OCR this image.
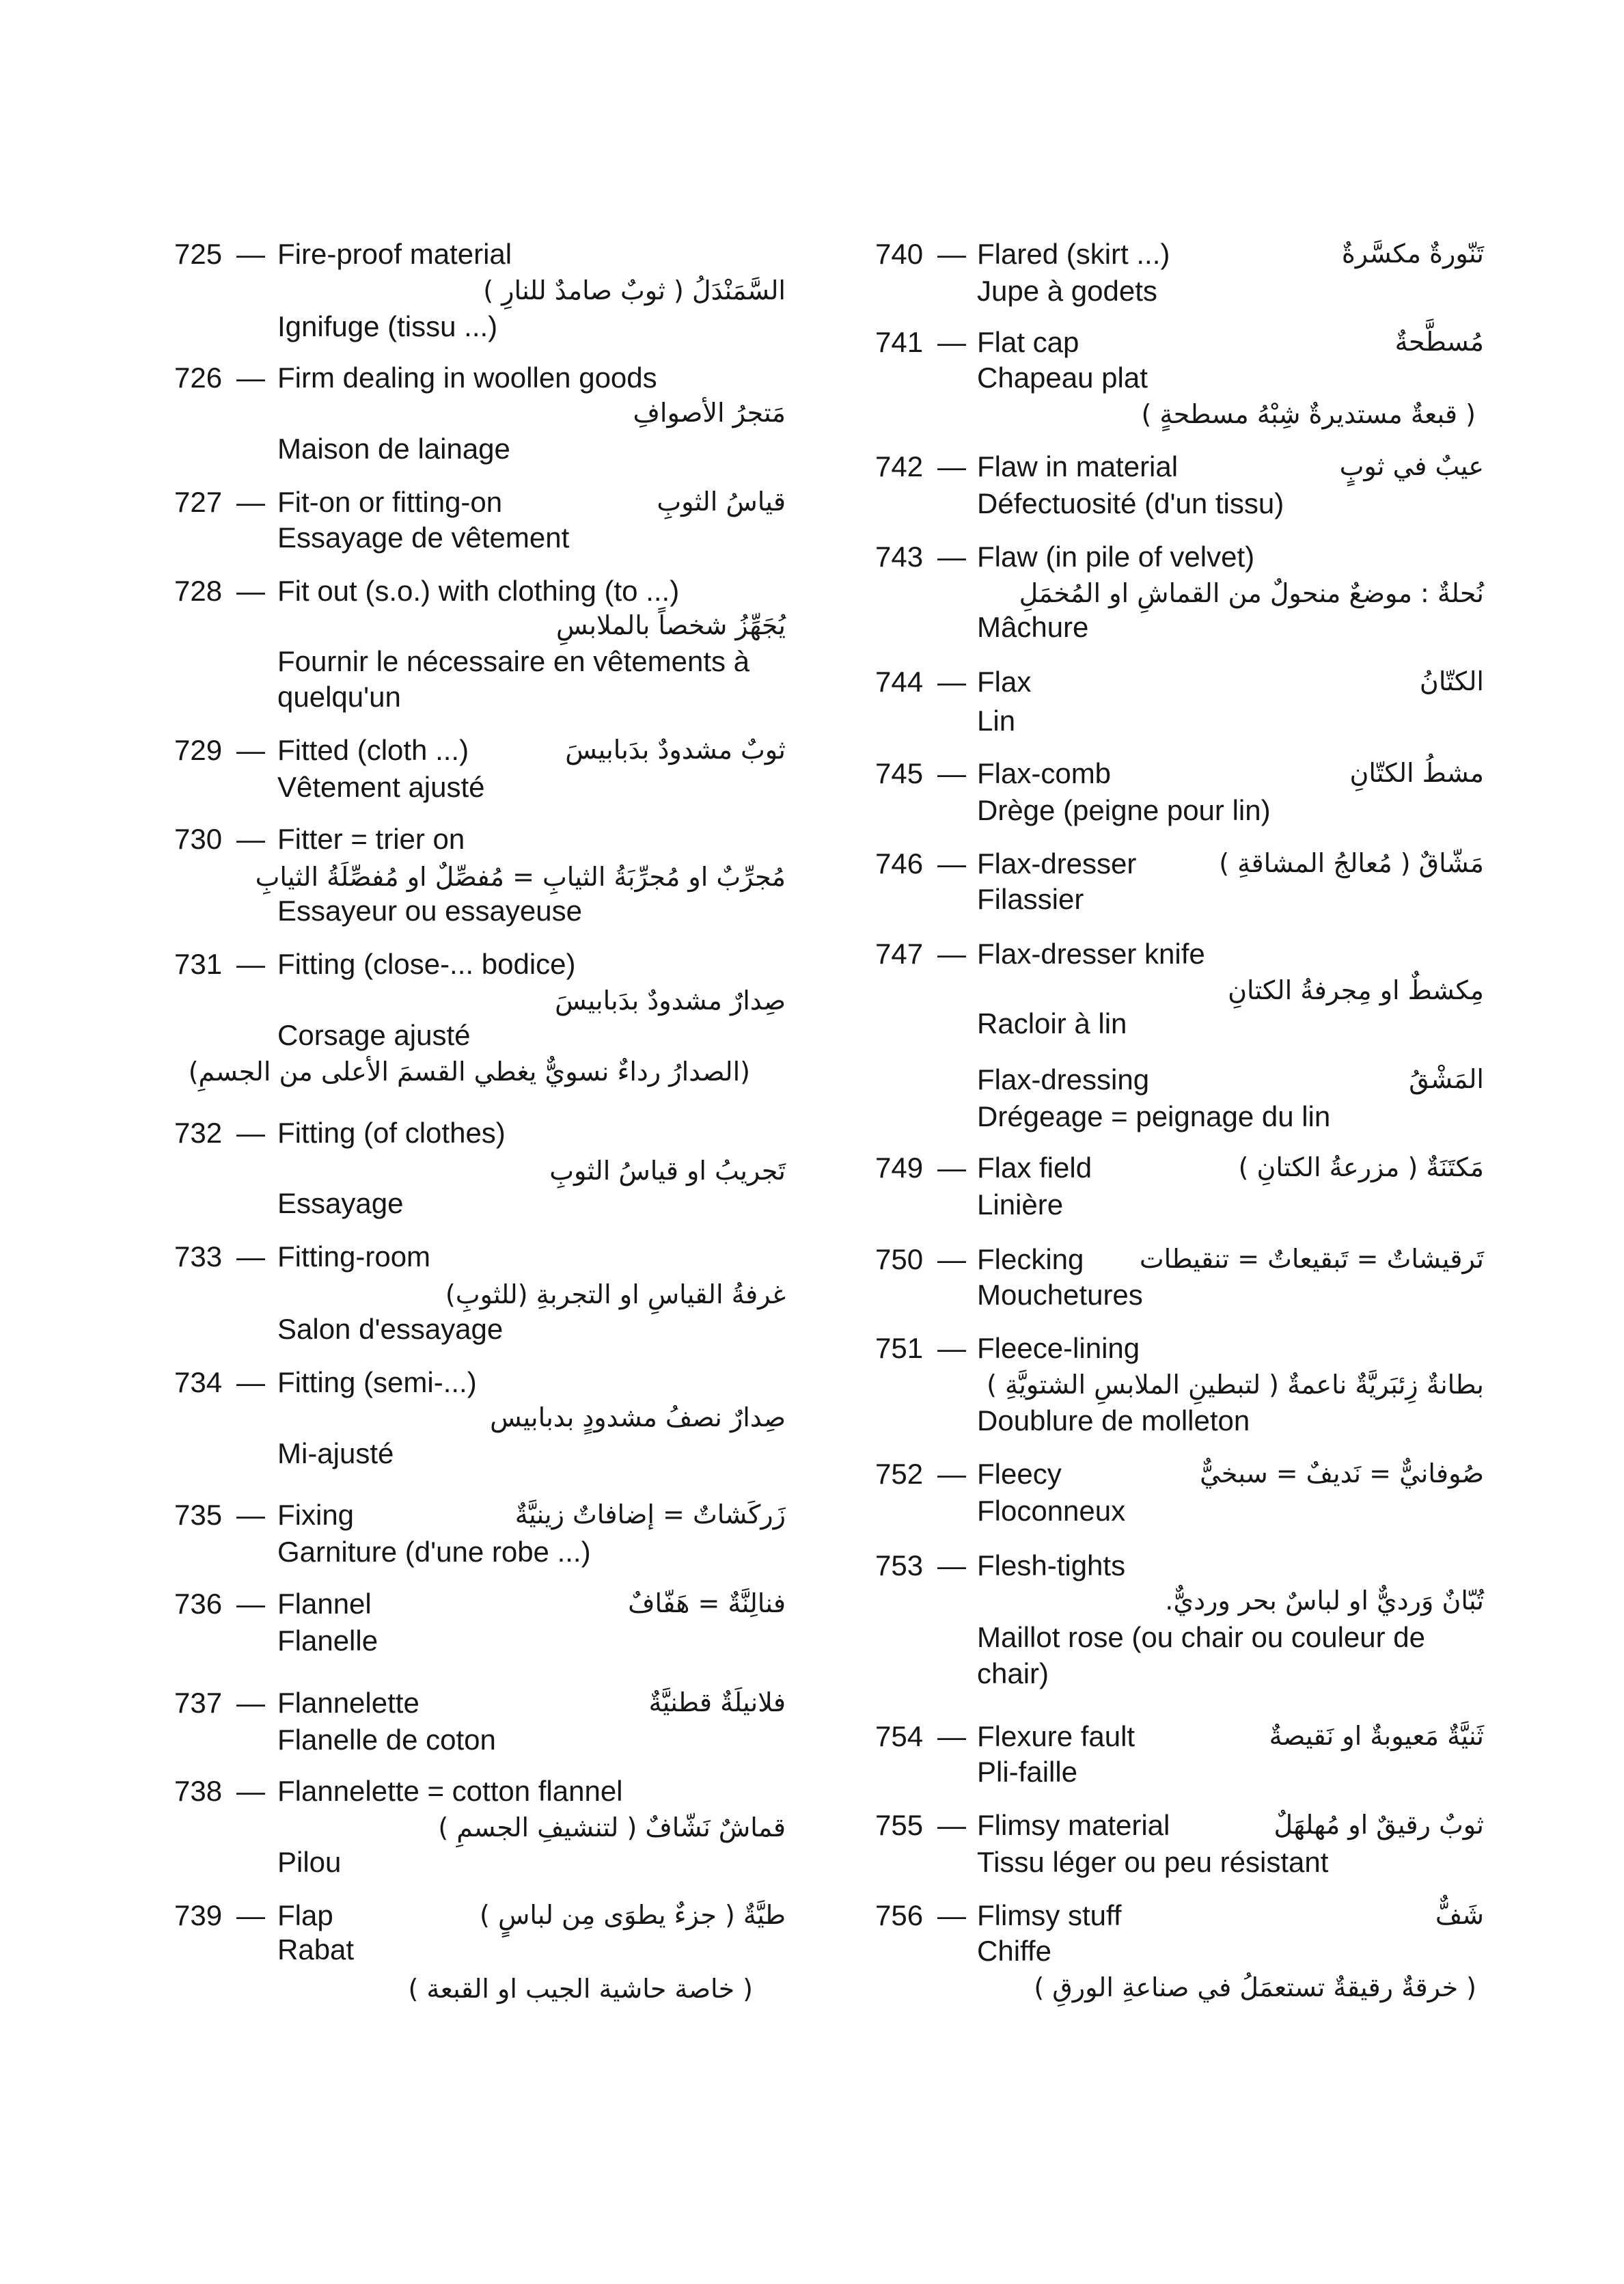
725 — Fire-proof material
السَّمَنْدَلُ ( ثوبٌ صامدٌ للنارِ )
Ignifuge (tissu ...)
726 — Firm dealing in woollen goods
مَتجرُ الأصوافِ
Maison de lainage
727 — Fit-on or fitting-on	قياسُ الثوبِ
Essayage de vêtement
728 — Fit out (s.o.) with clothing (to ...)
يُجَهِّزُ شخصاً بالملابسِ
Fournir le nécessaire en vêtements à
quelqu'un
729 — Fitted (cloth ...)	ثوبٌ مشدودٌ بدَبابيسَ
Vêtement ajusté
730 — Fitter = trier on
مُجرِّبٌ او مُجرِّبَةُ الثيابِ = مُفصِّلٌ او مُفصِّلَةُ الثيابِ
Essayeur ou essayeuse
731 — Fitting (close-... bodice)
صِدارٌ مشدودٌ بدَبابيسَ
Corsage ajusté
(الصدارُ رداءٌ نسويٌّ يغطي القسمَ الأعلى من الجسمِ)
732 — Fitting (of clothes)
تَجريبُ او قياسُ الثوبِ
Essayage
733 — Fitting-room
غرفةُ القياسِ او التجربةِ (للثوبِ)
Salon d'essayage
734 — Fitting (semi-...)
صِدارٌ نصفُ مشدودٍ بدبابيس
Mi-ajusté
735 — Fixing	زَركَشاتٌ = إضافاتٌ زينيَّةٌ
Garniture (d'une robe ...)
736 — Flannel	فنالِنَّةٌ = هَفّافٌ
Flanelle
737 — Flannelette	فلانيلَةٌ قطنيَّةٌ
Flanelle de coton
738 — Flannelette = cotton flannel
قماشٌ نَشّافٌ ( لتنشيفِ الجسمِ )
Pilou
739 — Flap	طيَّةٌ ( جزءٌ يطوَى مِن لباسٍ )
Rabat
( خاصة حاشية الجيب او القبعة )
740 — Flared (skirt ...)	تَنّورةٌ مكسَّرةٌ
Jupe à godets
741 — Flat cap	مُسطَّحةٌ
Chapeau plat
( قبعةٌ مستديرةٌ شِبْهُ مسطحةٍ )
742 — Flaw in material	عيبٌ في ثوبٍ
Défectuosité (d'un tissu)
743 — Flaw (in pile of velvet)
نُحلةٌ : موضعٌ منحولٌ من القماشِ او المُخمَلِ
Mâchure
744 — Flax	الكتّانُ
Lin
745 — Flax-comb	مشطُ الكتّانِ
Drège (peigne pour lin)
746 — Flax-dresser	مَشّاقٌ ( مُعالجُ المشاقةِ )
Filassier
747 — Flax-dresser knife
مِكشطٌ او مِجرفةُ الكتانِ
Racloir à lin
Flax-dressing	المَشْقُ
Drégeage = peignage du lin
749 — Flax field	مَكتَنَةٌ ( مزرعةُ الكتانِ )
Linière
750 — Flecking تَرقيشاتٌ = تَبقيعاتٌ = تنقيطات
Mouchetures
751 — Fleece-lining
بطانةٌ زِئبَريَّةٌ ناعمةٌ ( لتبطينِ الملابسِ الشتويَّةِ )
Doublure de molleton
752 — Fleecy	صُوفانيٌّ = نَديفٌ = سبخيٌّ
Floconneux
753 — Flesh-tights
تُبّانٌ وَرديٌّ او لباسٌ بحر ورديٌّ.
Maillot rose (ou chair ou couleur de
chair)
754 — Flexure fault	ثَنيَّةٌ مَعيوبةٌ او نَقيصةٌ
Pli-faille
755 — Flimsy material	ثوبٌ رقيقٌ او مُهلهَلٌ
Tissu léger ou peu résistant
756 — Flimsy stuff	شَفٌّ
Chiffe
( خرقةٌ رقيقةٌ تستعمَلُ في صناعةِ الورقِ )
